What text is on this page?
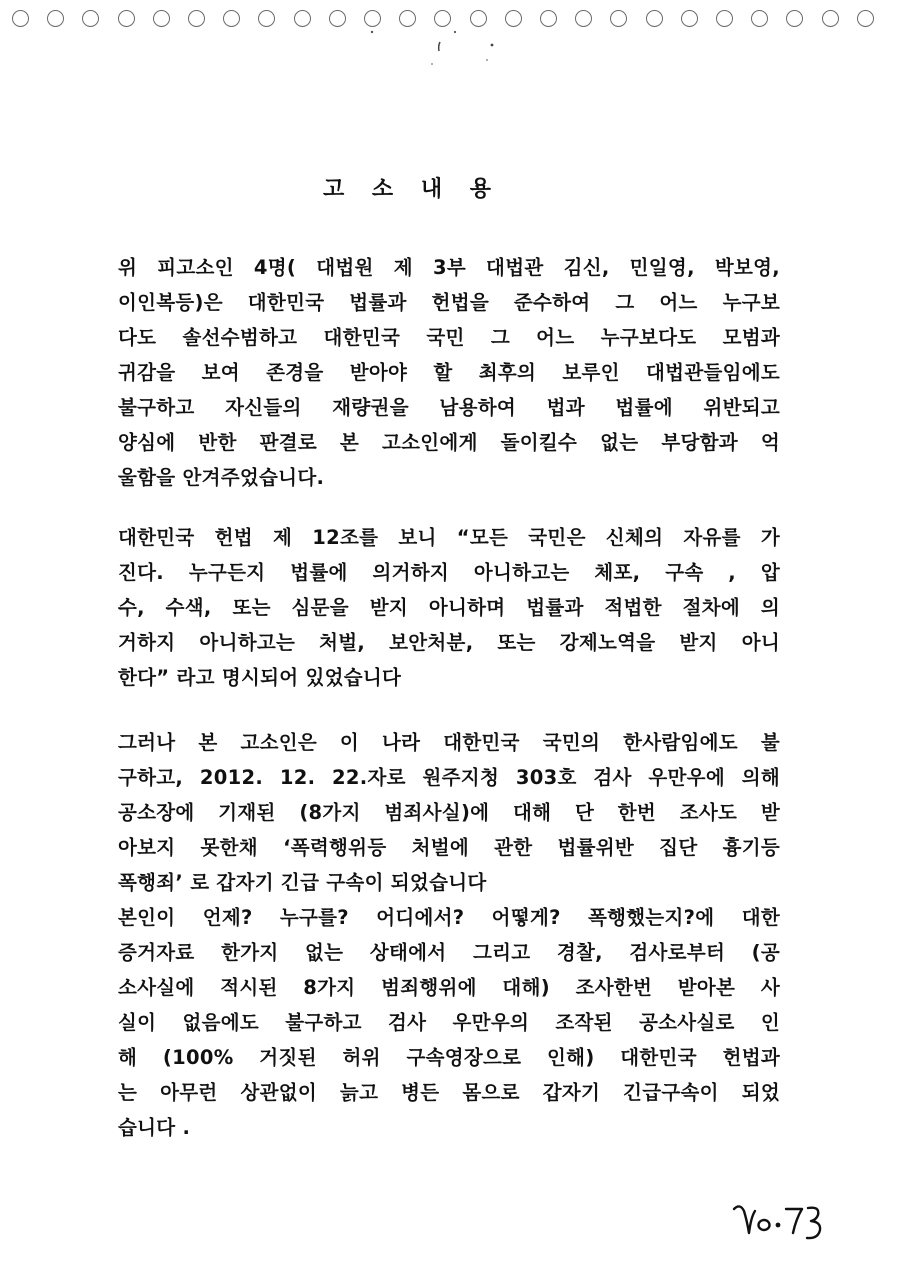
고 소 내 용
위 피고소인 4명( 대법원 제 3부 대법관 김신, 민일영, 박보영,
이인복등)은 대한민국 법률과 헌법을 준수하여 그 어느 누구보
다도 솔선수범하고 대한민국 국민 그 어느 누구보다도 모범과
귀감을 보여 존경을 받아야 할 최후의 보루인 대법관들임에도
불구하고 자신들의 재량권을 남용하여 법과 법률에 위반되고
양심에 반한 판결로 본 고소인에게 돌이킬수 없는 부당함과 억
울함을 안겨주었습니다.
대한민국 헌법 제 12조를 보니 “모든 국민은 신체의 자유를 가
진다. 누구든지 법률에 의거하지 아니하고는 체포, 구속 , 압
수, 수색, 또는 심문을 받지 아니하며 법률과 적법한 절차에 의
거하지 아니하고는 처벌, 보안처분, 또는 강제노역을 받지 아니
한다” 라고 명시되어 있었습니다
그러나 본 고소인은 이 나라 대한민국 국민의 한사람임에도 불
구하고, 2012. 12. 22.자로 원주지청 303호 검사 우만우에 의해
공소장에 기재된 (8가지 범죄사실)에 대해 단 한번 조사도 받
아보지 못한채 ‘폭력행위등 처벌에 관한 법률위반 집단 흉기등
폭행죄’ 로 갑자기 긴급 구속이 되었습니다
본인이 언제? 누구를? 어디에서? 어떻게? 폭행했는지?에 대한
증거자료 한가지 없는 상태에서 그리고 경찰, 검사로부터 (공
소사실에 적시된 8가지 범죄행위에 대해) 조사한번 받아본 사
실이 없음에도 불구하고 검사 우만우의 조작된 공소사실로 인
해 (100% 거짓된 허위 구속영장으로 인해) 대한민국 헌법과
는 아무런 상관없이 늙고 병든 몸으로 갑자기 긴급구속이 되었
습니다 .
